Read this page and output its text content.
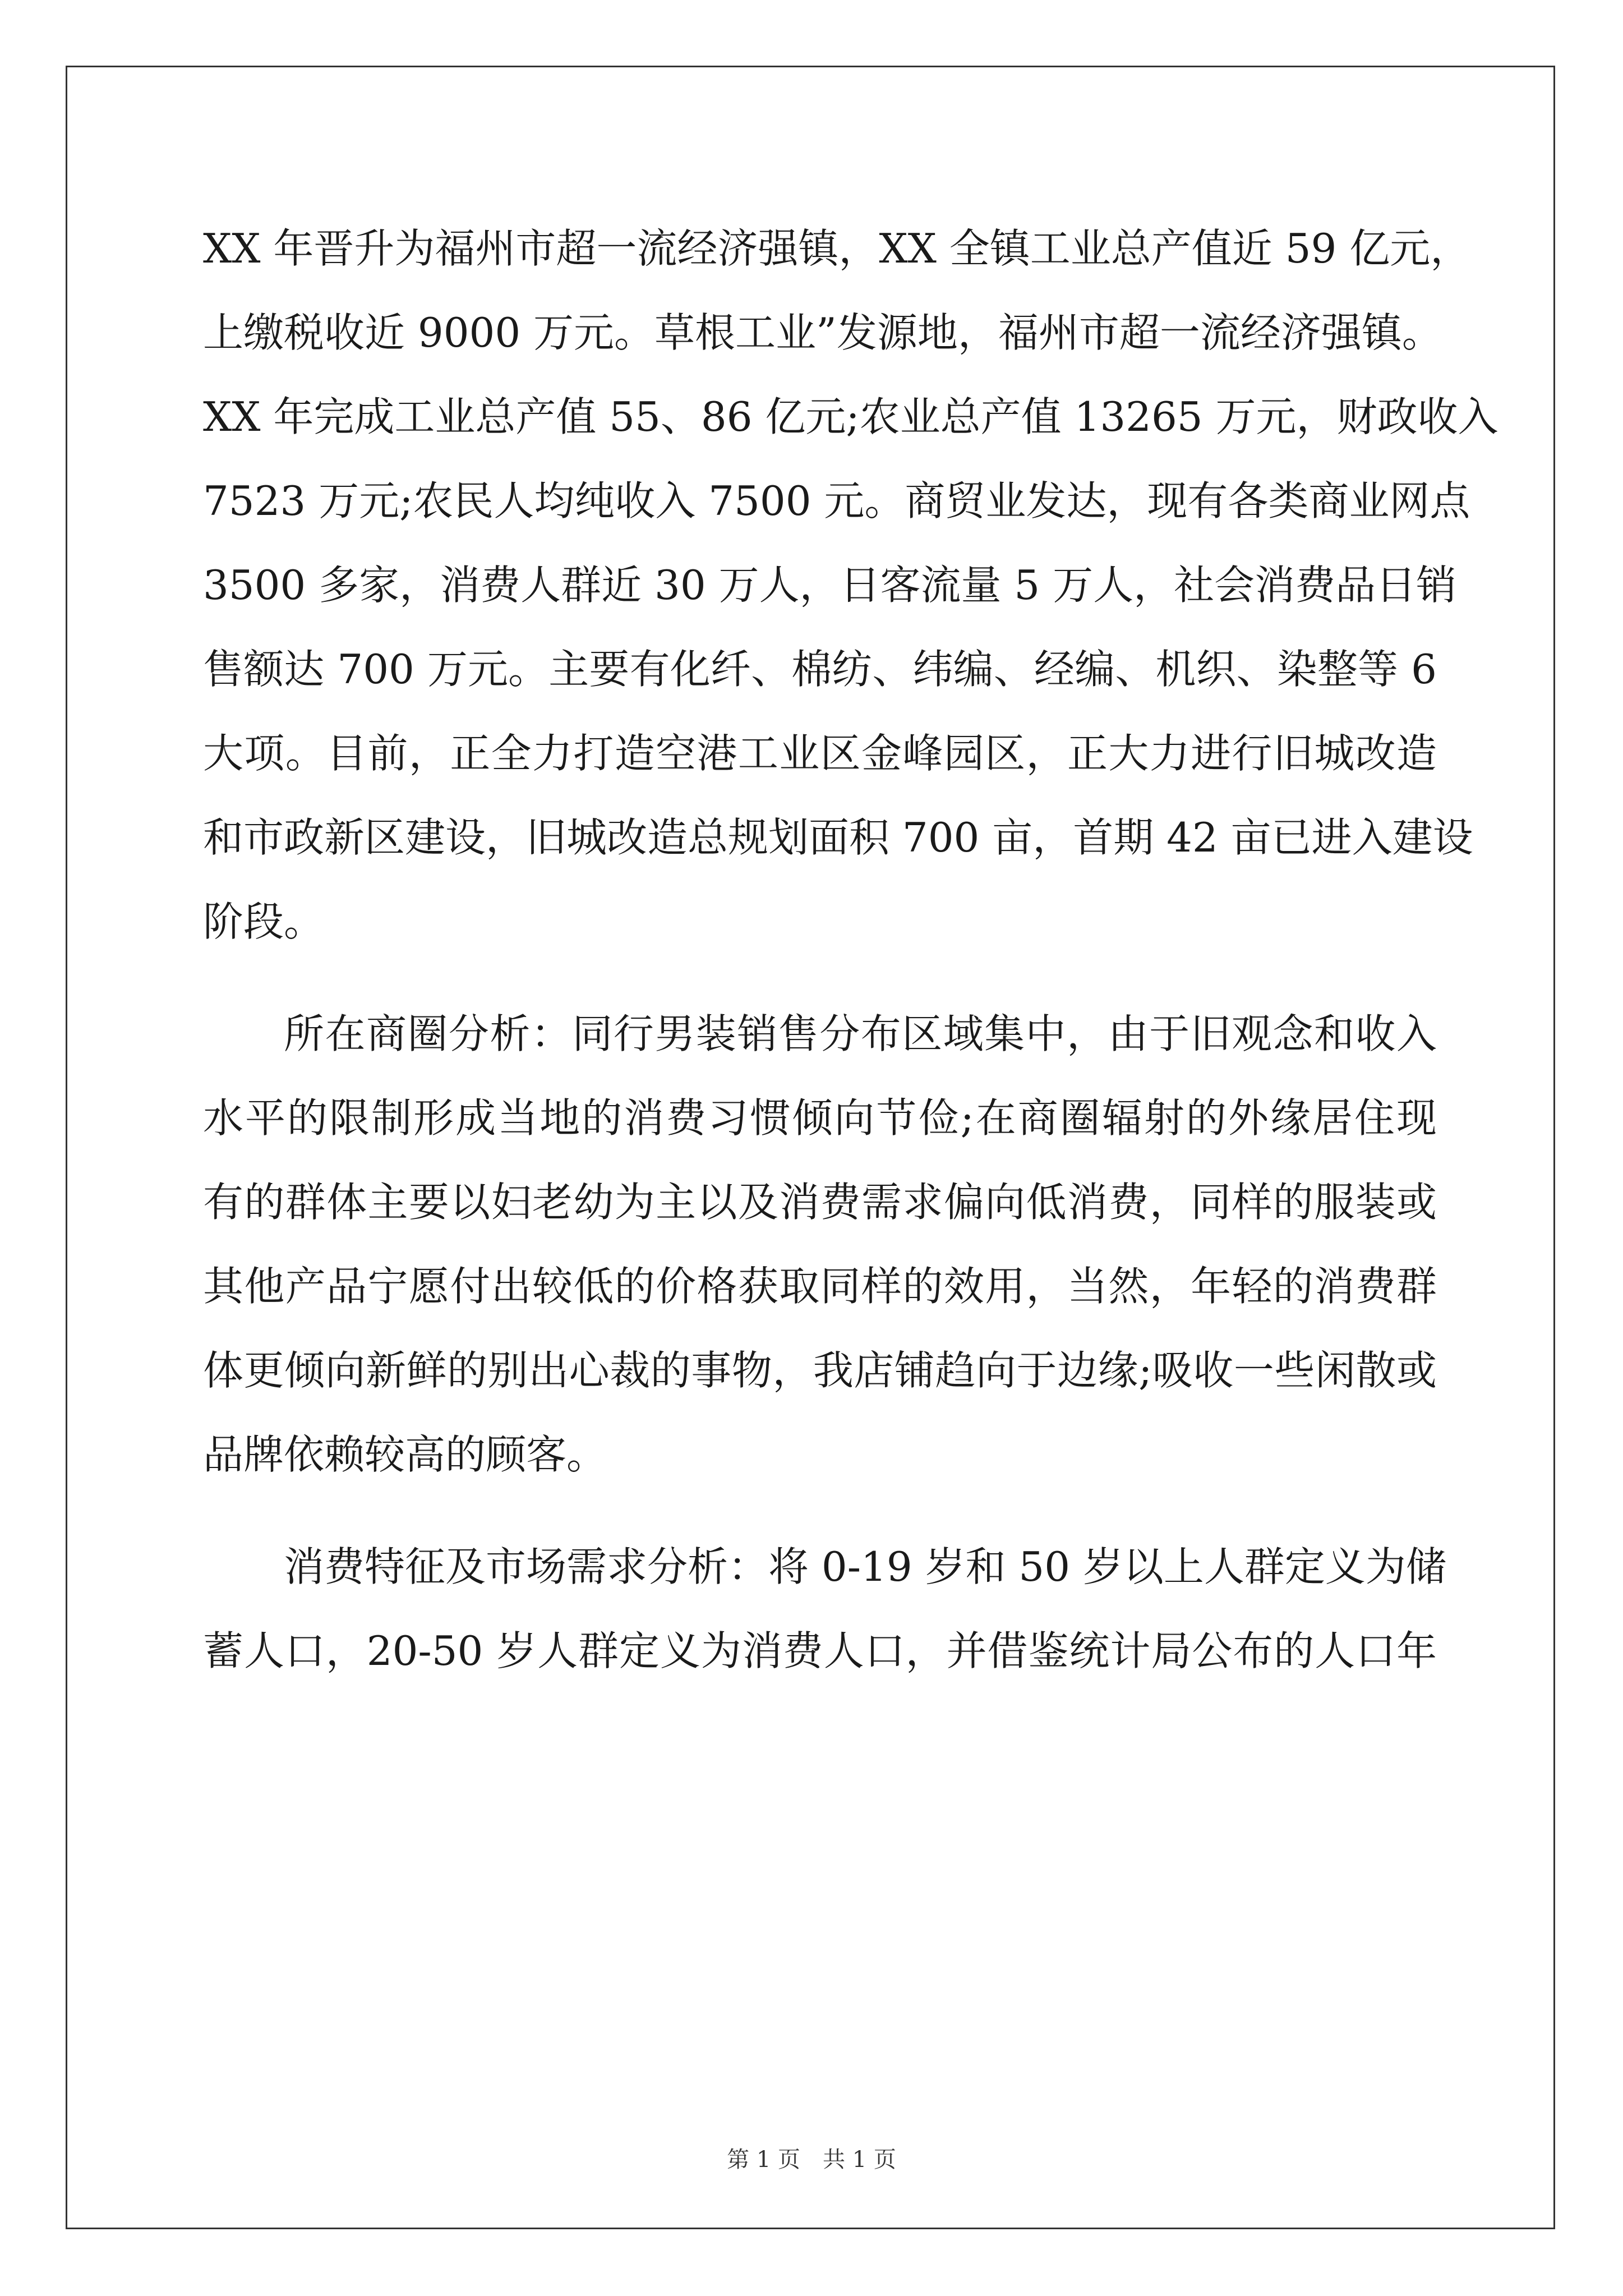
XX 年晋升为福州市超一流经济强镇，XX 全镇工业总产值近 59 亿元，
上缴税收近 9000 万元。草根工业”发源地，福州市超一流经济强镇。
XX 年完成工业总产值 55、86 亿元;农业总产值 13265 万元，财政收入
7523 万元;农民人均纯收入 7500 元。商贸业发达，现有各类商业网点
3500 多家，消费人群近 30 万人，日客流量 5 万人，社会消费品日销
售额达 700 万元。主要有化纤、棉纺、纬编、经编、机织、染整等 6
大项。目前，正全力打造空港工业区金峰园区，正大力进行旧城改造
和市政新区建设，旧城改造总规划面积 700 亩，首期 42 亩已进入建设
阶段。
所在商圈分析：同行男装销售分布区域集中，由于旧观念和收入
水平的限制形成当地的消费习惯倾向节俭;在商圈辐射的外缘居住现
有的群体主要以妇老幼为主以及消费需求偏向低消费，同样的服装或
其他产品宁愿付出较低的价格获取同样的效用，当然，年轻的消费群
体更倾向新鲜的别出心裁的事物，我店铺趋向于边缘;吸收一些闲散或
品牌依赖较高的顾客。
消费特征及市场需求分析：将 0-19 岁和 50 岁以上人群定义为储
蓄人口，20-50 岁人群定义为消费人口，并借鉴统计局公布的人口年
第 1 页　共 1 页
